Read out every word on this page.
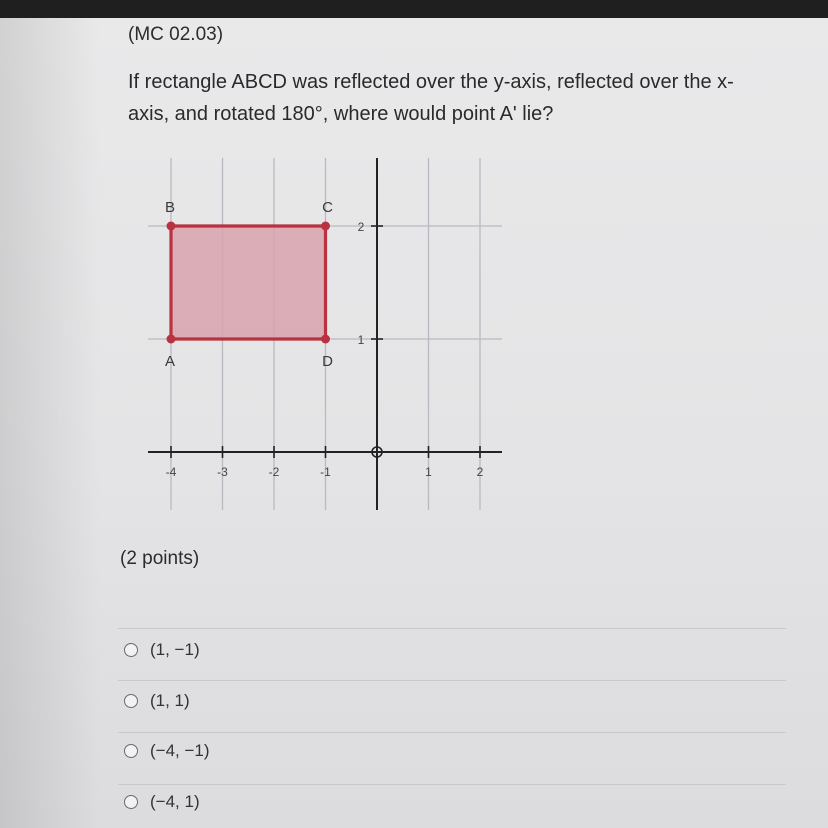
(MC 02.03)
If rectangle ABCD was reflected over the y-axis, reflected over the x-axis, and rotated 180°, where would point A' lie?
-4	-3	-2	-1	1	2
1
2
A
B	C
D
(2 points)
(1, −1)
(1, 1)
(−4, −1)
(−4, 1)
